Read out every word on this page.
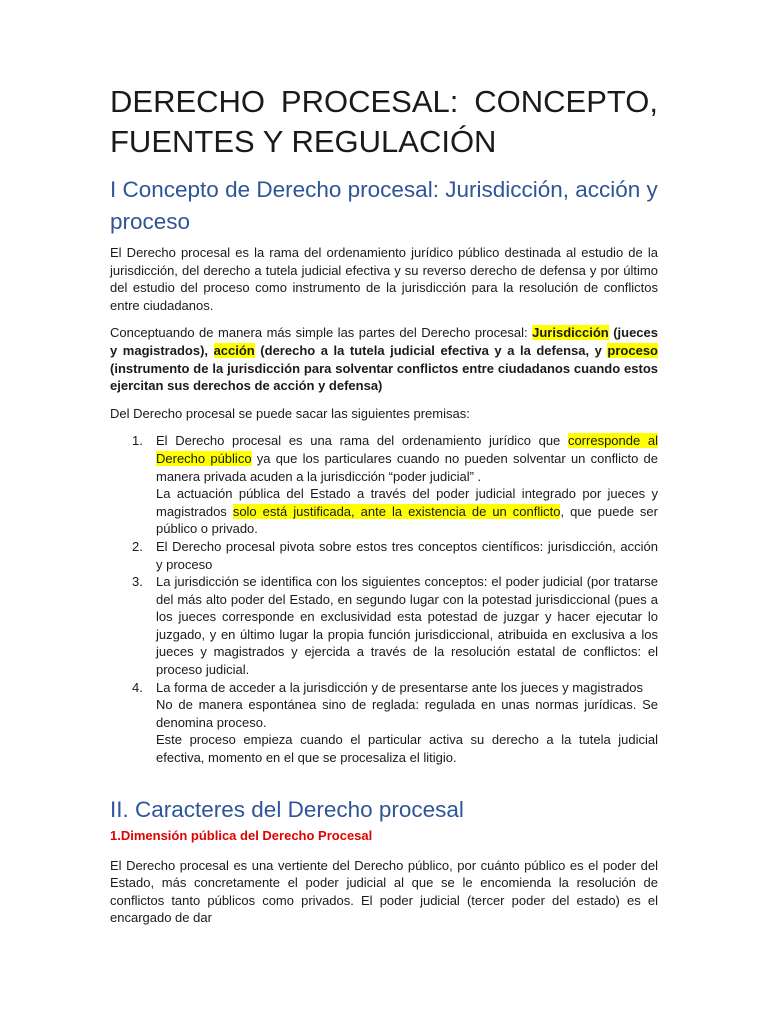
DERECHO PROCESAL: CONCEPTO,
FUENTES Y REGULACIÓN
I Concepto de Derecho procesal: Jurisdicción, acción y proceso

El Derecho procesal es la rama del ordenamiento jurídico público destinada al estudio de la jurisdicción, del derecho a tutela judicial efectiva y su reverso derecho de defensa y por último del estudio del proceso como instrumento de la jurisdicción para la resolución de conflictos entre ciudadanos.

Conceptuando de manera más simple las partes del Derecho procesal: Jurisdicción (jueces y magistrados), acción (derecho a la tutela judicial efectiva y a la defensa, y proceso (instrumento de la jurisdicción para solventar conflictos entre ciudadanos cuando estos ejercitan sus derechos de acción y defensa)

Del Derecho procesal se puede sacar las siguientes premisas:

1. El Derecho procesal es una rama del ordenamiento jurídico que corresponde al Derecho público ya que los particulares cuando no pueden solventar un conflicto de manera privada acuden a la jurisdicción “poder judicial” .
La actuación pública del Estado a través del poder judicial integrado por jueces y magistrados solo está justificada, ante la existencia de un conflicto, que puede ser público o privado.
2. El Derecho procesal pivota sobre estos tres conceptos científicos: jurisdicción, acción y proceso
3. La jurisdicción se identifica con los siguientes conceptos: el poder judicial (por tratarse del más alto poder del Estado, en segundo lugar con la potestad jurisdiccional (pues a los jueces corresponde en exclusividad esta potestad de juzgar y hacer ejecutar lo juzgado, y en último lugar la propia función jurisdiccional, atribuida en exclusiva a los jueces y magistrados y ejercida a través de la resolución estatal de conflictos: el proceso judicial.
4. La forma de acceder a la jurisdicción y de presentarse ante los jueces y magistrados
No de manera espontánea sino de reglada: regulada en unas normas jurídicas. Se denomina proceso.
Este proceso empieza cuando el particular activa su derecho a la tutela judicial efectiva, momento en el que se procesaliza el litigio.
II. Caracteres del Derecho procesal
1.Dimensión pública del Derecho Procesal

El Derecho procesal es una vertiente del Derecho público, por cuánto público es el poder del Estado, más concretamente el poder judicial al que se le encomienda la resolución de conflictos tanto públicos como privados. El poder judicial (tercer poder del estado) es el encargado de dar
